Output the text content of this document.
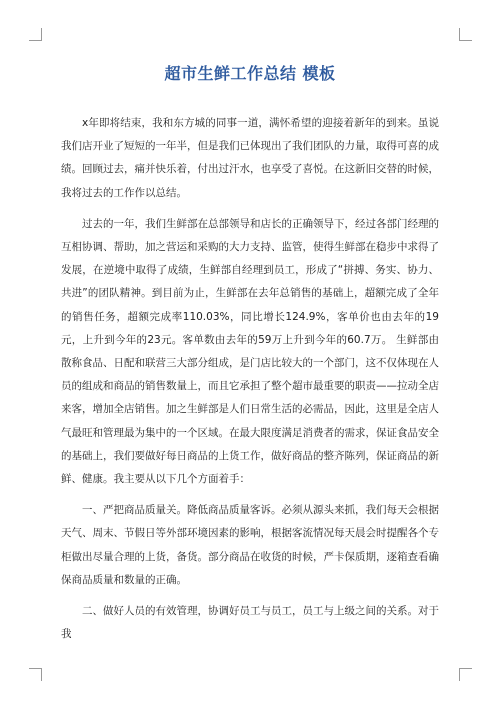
超市生鲜工作总结 模板

x年即将结束，我和东方城的同事一道，满怀希望的迎接着新年的到来。虽说我们店开业了短短的一年半，但是我们已体现出了我们团队的力量，取得可喜的成绩。回顾过去，痛并快乐着，付出过汗水，也享受了喜悦。在这新旧交替的时候，我将过去的工作作以总结。

过去的一年，我们生鲜部在总部领导和店长的正确领导下，经过各部门经理的互相协调、帮助，加之营运和采购的大力支持、监管，使得生鲜部在稳步中求得了发展，在逆境中取得了成绩，生鲜部自经理到员工，形成了“拼搏、务实、协力、共进”的团队精神。到目前为止，生鲜部在去年总销售的基础上，超额完成了全年的销售任务，超额完成率110.03%，同比增长124.9%，客单价也由去年的19元，上升到今年的23元。客单数由去年的59万上升到今年的60.7万。 生鲜部由散称食品、日配和联营三大部分组成，是门店比较大的一个部门，这不仅体现在人员的组成和商品的销售数量上，而且它承担了整个超市最重要的职责——拉动全店来客，增加全店销售。加之生鲜部是人们日常生活的必需品，因此，这里是全店人气最旺和管理最为集中的一个区域。在最大限度满足消费者的需求，保证食品安全的基础上，我们要做好每日商品的上货工作，做好商品的整齐陈列，保证商品的新鲜、健康。我主要从以下几个方面着手：

一、严把商品质量关。降低商品质量客诉。必须从源头来抓，我们每天会根据天气、周末、节假日等外部环境因素的影响，根据客流情况每天晨会时提醒各个专柜做出尽量合理的上货，备货。部分商品在收货的时候，严卡保质期，逐箱查看确保商品质量和数量的正确。

二、做好人员的有效管理，协调好员工与员工，员工与上级之间的关系。对于我
